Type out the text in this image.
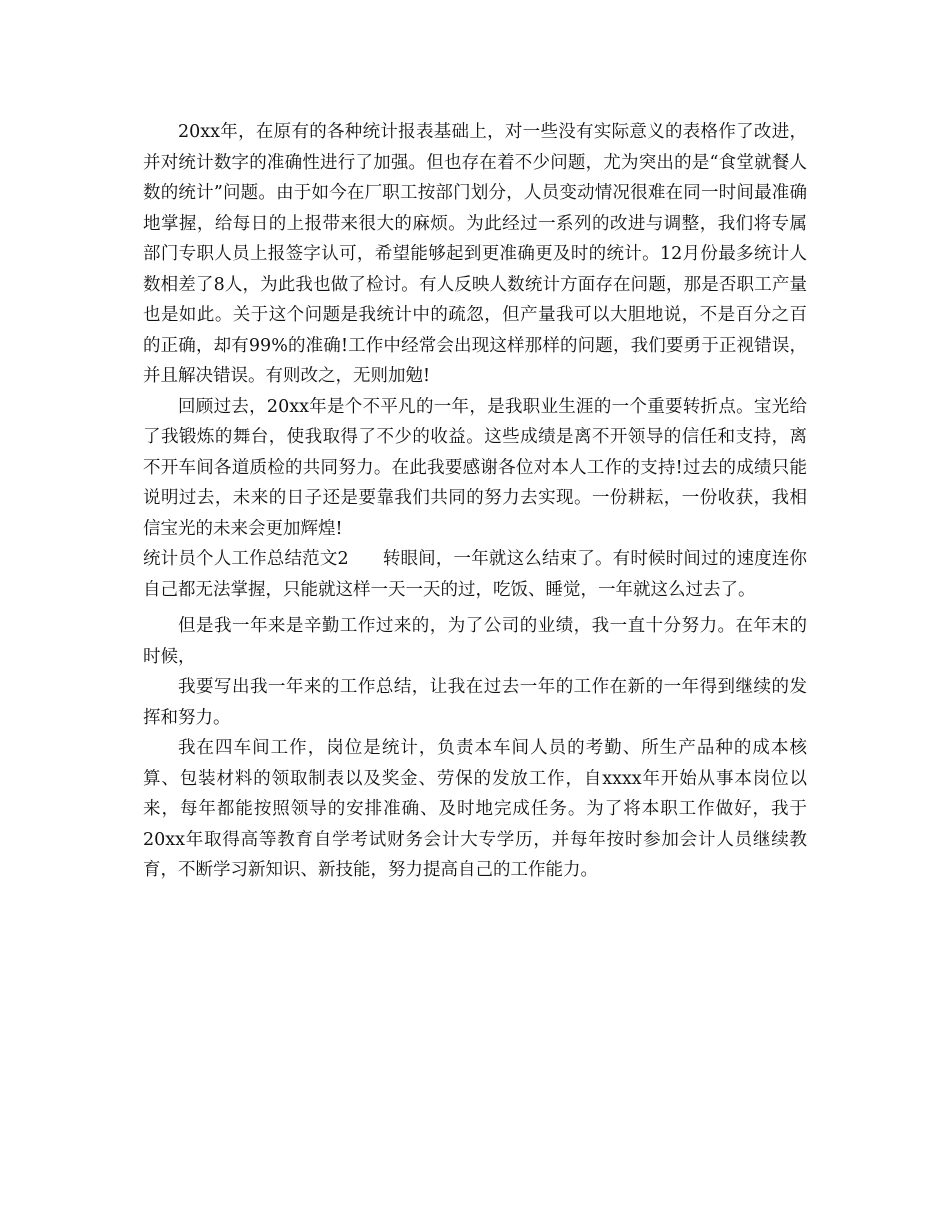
20xx年，在原有的各种统计报表基础上，对一些没有实际意义的表格作了改进，并对统计数字的准确性进行了加强。但也存在着不少问题，尤为突出的是“食堂就餐人数的统计”问题。由于如今在厂职工按部门划分，人员变动情况很难在同一时间最准确地掌握，给每日的上报带来很大的麻烦。为此经过一系列的改进与调整，我们将专属部门专职人员上报签字认可，希望能够起到更准确更及时的统计。12月份最多统计人数相差了8人，为此我也做了检讨。有人反映人数统计方面存在问题，那是否职工产量也是如此。关于这个问题是我统计中的疏忽，但产量我可以大胆地说，不是百分之百的正确，却有99%的准确!工作中经常会出现这样那样的问题，我们要勇于正视错误，并且解决错误。有则改之，无则加勉!

回顾过去，20xx年是个不平凡的一年，是我职业生涯的一个重要转折点。宝光给了我锻炼的舞台，使我取得了不少的收益。这些成绩是离不开领导的信任和支持，离不开车间各道质检的共同努力。在此我要感谢各位对本人工作的支持!过去的成绩只能说明过去，未来的日子还是要靠我们共同的努力去实现。一份耕耘，一份收获，我相信宝光的未来会更加辉煌!

统计员个人工作总结范文2 转眼间，一年就这么结束了。有时候时间过的速度连你自己都无法掌握，只能就这样一天一天的过，吃饭、睡觉，一年就这么过去了。

但是我一年来是辛勤工作过来的，为了公司的业绩，我一直十分努力。在年末的时候，

我要写出我一年来的工作总结，让我在过去一年的工作在新的一年得到继续的发挥和努力。

我在四车间工作，岗位是统计，负责本车间人员的考勤、所生产品种的成本核算、包装材料的领取制表以及奖金、劳保的发放工作，自xxxx年开始从事本岗位以来，每年都能按照领导的安排准确、及时地完成任务。为了将本职工作做好，我于20xx年取得高等教育自学考试财务会计大专学历，并每年按时参加会计人员继续教育，不断学习新知识、新技能，努力提高自己的工作能力。
